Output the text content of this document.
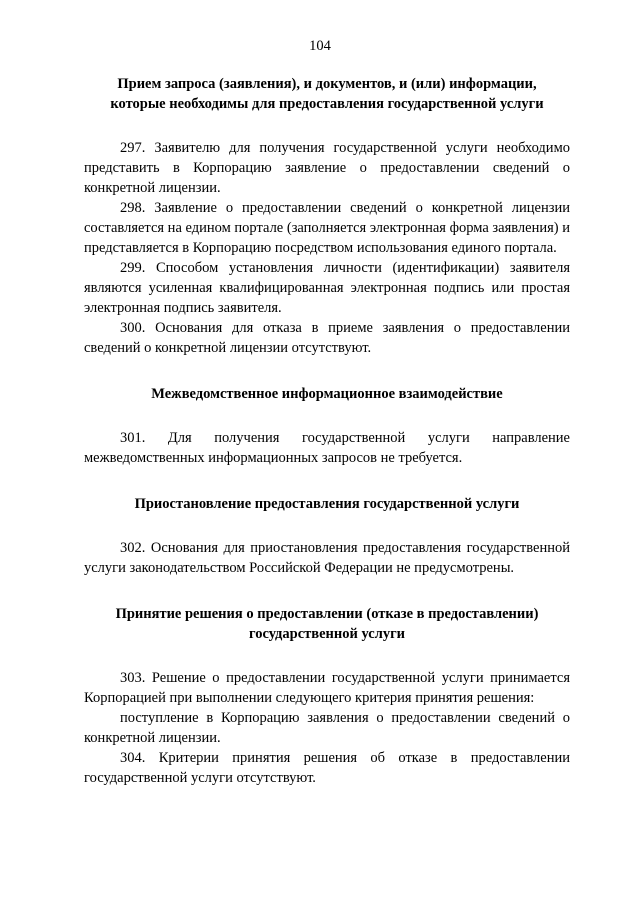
104

Прием запроса (заявления), и документов, и (или) информации,
которые необходимы для предоставления государственной услуги

297. Заявителю для получения государственной услуги необходимо представить в Корпорацию заявление о предоставлении сведений о конкретной лицензии.

298. Заявление о предоставлении сведений о конкретной лицензии составляется на едином портале (заполняется электронная форма заявления) и представляется в Корпорацию посредством использования единого портала.

299. Способом установления личности (идентификации) заявителя являются усиленная квалифицированная электронная подпись или простая электронная подпись заявителя.

300. Основания для отказа в приеме заявления о предоставлении сведений о конкретной лицензии отсутствуют.

Межведомственное информационное взаимодействие

301. Для получения государственной услуги направление межведомственных информационных запросов не требуется.

Приостановление предоставления государственной услуги

302. Основания для приостановления предоставления государственной услуги законодательством Российской Федерации не предусмотрены.

Принятие решения о предоставлении (отказе в предоставлении)
государственной услуги

303. Решение о предоставлении государственной услуги принимается Корпорацией при выполнении следующего критерия принятия решения:

поступление в Корпорацию заявления о предоставлении сведений о конкретной лицензии.

304. Критерии принятия решения об отказе в предоставлении государственной услуги отсутствуют.
